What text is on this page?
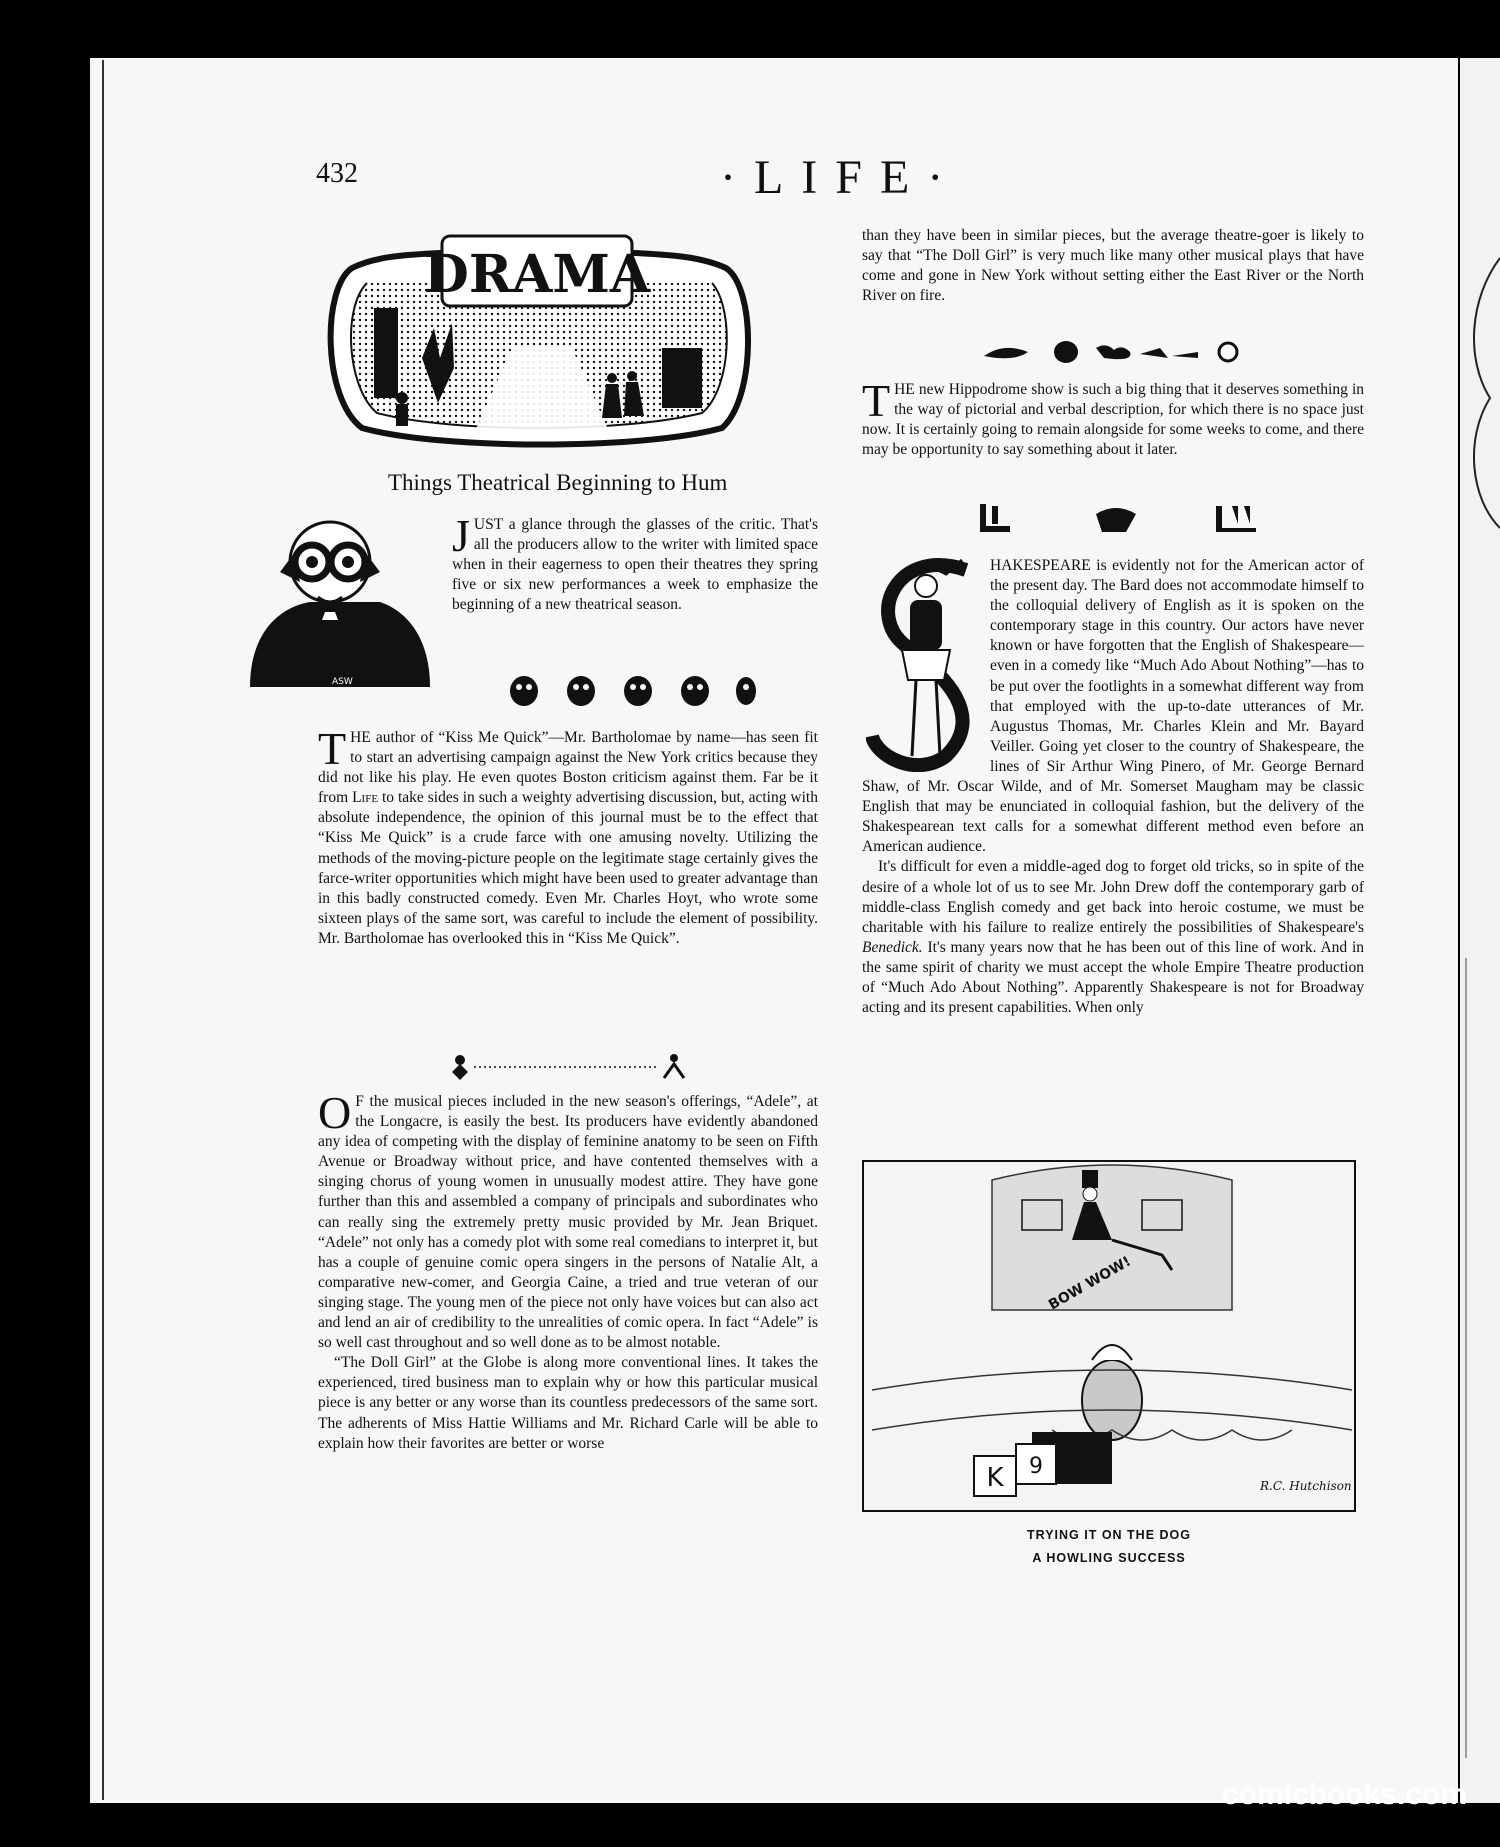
432	·LIFE·
DRAMA
Things Theatrical Beginning to Hum
ASW

JUST a glance through the glasses of the critic. That's all the producers allow to the writer with limited space when in their eagerness to open their theatres they spring five or six new performances a week to emphasize the beginning of a new theatrical season.

THE author of “Kiss Me Quick”—Mr. Bartholomae by name—has seen fit to start an advertising campaign against the New York critics because they did not like his play. He even quotes Boston criticism against them. Far be it from Life to take sides in such a weighty advertising discussion, but, acting with absolute independence, the opinion of this journal must be to the effect that “Kiss Me Quick” is a crude farce with one amusing novelty. Utilizing the methods of the moving-picture people on the legitimate stage certainly gives the farce-writer opportunities which might have been used to greater advantage than in this badly constructed comedy. Even Mr. Charles Hoyt, who wrote some sixteen plays of the same sort, was careful to include the element of possibility. Mr. Bartholomae has overlooked this in “Kiss Me Quick”.

O F the musical pieces included in the new season's offerings, “Adele”, at the Longacre, is easily the best. Its producers have evidently abandoned any idea of competing with the display of feminine anatomy to be seen on Fifth Avenue or Broadway without price, and have contented themselves with a singing chorus of young women in unusually modest attire. They have gone further than this and assembled a company of principals and subordinates who can really sing the extremely pretty music provided by Mr. Jean Briquet. “Adele” not only has a comedy plot with some real comedians to interpret it, but has a couple of genuine comic opera singers in the persons of Natalie Alt, a comparative new-comer, and Georgia Caine, a tried and true veteran of our singing stage. The young men of the piece not only have voices but can also act and lend an air of credibility to the unrealities of comic opera. In fact “Adele” is so well cast throughout and so well done as to be almost notable.

“The Doll Girl” at the Globe is along more conventional lines. It takes the experienced, tired business man to explain why or how this particular musical piece is any better or any worse than its countless predecessors of the same sort. The adherents of Miss Hattie Williams and Mr. Richard Carle will be able to explain how their favorites are better or worse

than they have been in similar pieces, but the average theatre-goer is likely to say that “The Doll Girl” is very much like many other musical plays that have come and gone in New York without setting either the East River or the North River on fire.

THE new Hippodrome show is such a big thing that it deserves something in the way of pictorial and verbal description, for which there is no space just now. It is certainly going to remain alongside for some weeks to come, and there may be opportunity to say something about it later.

HAKESPEARE is evidently not for the American actor of the present day. The Bard does not accommodate himself to the colloquial delivery of English as it is spoken on the contemporary stage in this country. Our actors have never known or have forgotten that the English of Shakespeare—even in a comedy like “Much Ado About Nothing”—has to be put over the footlights in a somewhat different way from that employed with the up-to-date utterances of Mr. Augustus Thomas, Mr. Charles Klein and Mr. Bayard Veiller. Going yet closer to the country of Shakespeare, the lines of Sir Arthur Wing Pinero, of Mr. George Bernard Shaw, of Mr. Oscar Wilde, and of Mr. Somerset Maugham may be classic English that may be enunciated in colloquial fashion, but the delivery of the Shakespearean text calls for a somewhat different method even before an American audience.

It's difficult for even a middle-aged dog to forget old tricks, so in spite of the desire of a whole lot of us to see Mr. John Drew doff the contemporary garb of middle-class English comedy and get back into heroic costume, we must be charitable with his failure to realize entirely the possibilities of Shakespeare's Benedick. It's many years now that he has been out of this line of work. And in the same spirit of charity we must accept the whole Empire Theatre production of “Much Ado About Nothing”. Apparently Shakespeare is not for Broadway acting and its present capabilities. When only

BOW WOW!
K 9
R.C. Hutchison
TRYING IT ON THE DOG
A HOWLING SUCCESS
comicbooks.com
